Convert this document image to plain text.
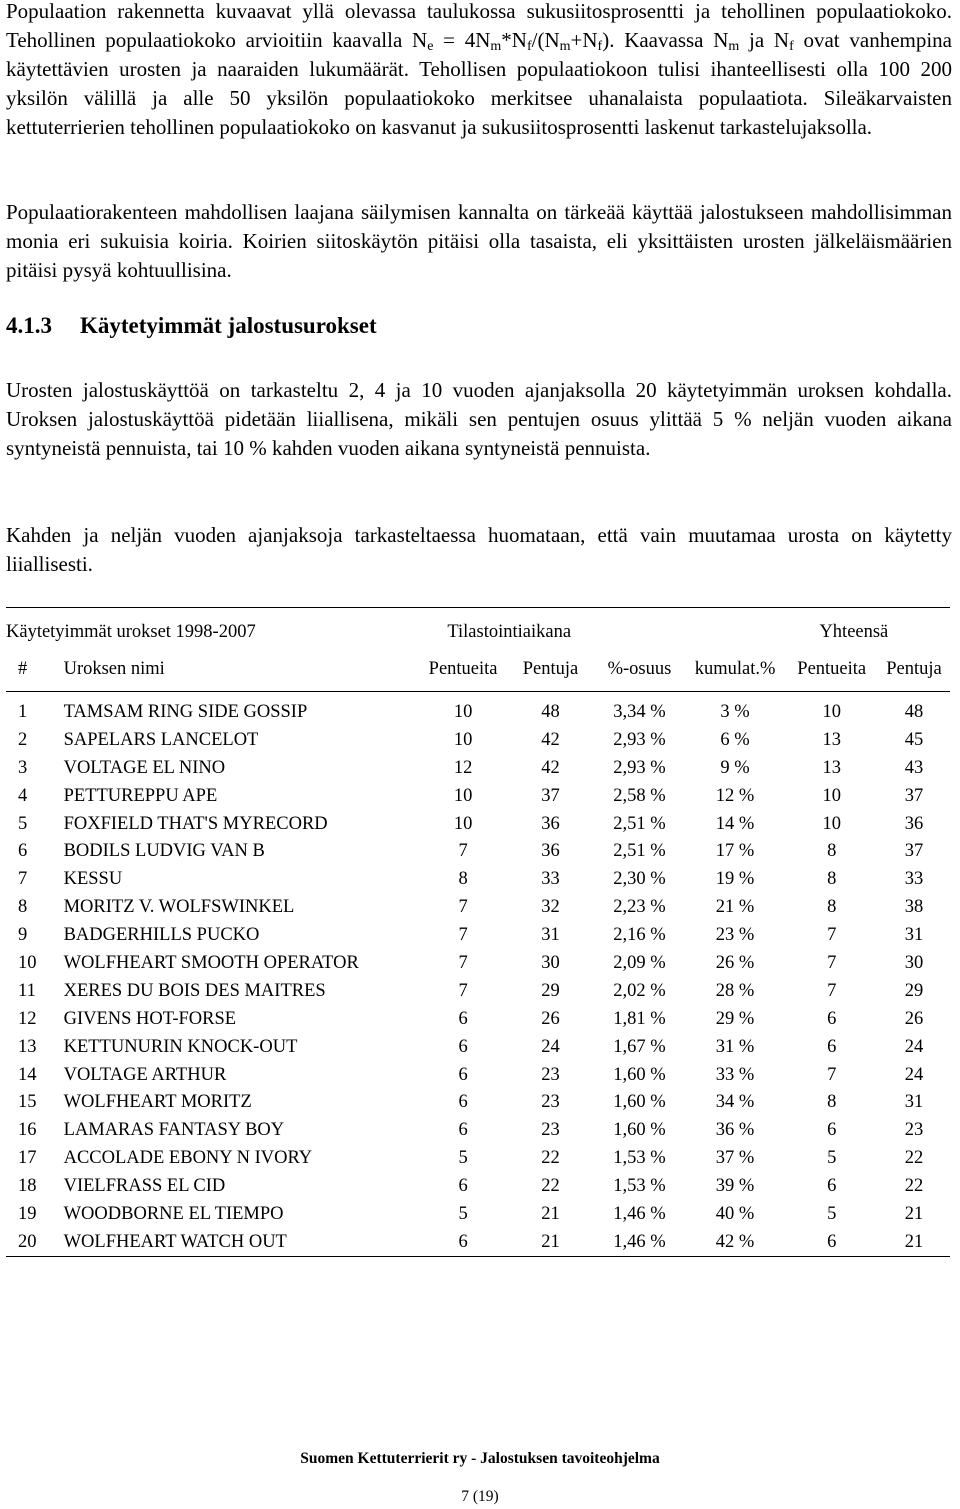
Populaation rakennetta kuvaavat yllä olevassa taulukossa sukusiitosprosentti ja tehollinen populaatiokoko. Tehollinen populaatiokoko arvioitiin kaavalla $N_e = 4N_m*N_f/(N_m+N_f)$. Kaavassa $N_m$ ja $N_f$ ovat vanhempina käytettävien urosten ja naaraiden lukumäärät. Tehollisen populaatiokoon tulisi ihanteellisesti olla 100 200 yksilön välillä ja alle 50 yksilön populaatiokoko merkitsee uhanalaista populaatiota. Sileäkarvaisten kettuterrierien tehollinen populaatiokoko on kasvanut ja sukusiitosprosentti laskenut tarkastelujaksolla.

Populaatiorakenteen mahdollisen laajana säilymisen kannalta on tärkeää käyttää jalostukseen mahdollisimman monia eri sukuisia koiria. Koirien siitoskäytön pitäisi olla tasaista, eli yksittäisten urosten jälkeläismäärien pitäisi pysyä kohtuullisina.

4.1.3 Käytetyimmät jalostusurokset

Urosten jalostuskäyttöä on tarkasteltu 2, 4 ja 10 vuoden ajanjaksolla 20 käytetyimmän uroksen kohdalla. Uroksen jalostuskäyttöä pidetään liiallisena, mikäli sen pentujen osuus ylittää 5 % neljän vuoden aikana syntyneistä pennuista, tai 10 % kahden vuoden aikana syntyneistä pennuista.

Kahden ja neljän vuoden ajanjaksoja tarkasteltaessa huomataan, että vain muutamaa urosta on käytetty liiallisesti.

Käytetyimmät urokset 1998-2007		Tilastointiaikana				Yhteensä	
#	Uroksen nimi	Pentueita	Pentuja	%-osuus	kumulat.%	Pentueita	Pentuja

1	TAMSAM RING SIDE GOSSIP	10	48	3,34 %	3 %	10	48
2	SAPELARS LANCELOT	10	42	2,93 %	6 %	13	45
3	VOLTAGE EL NINO	12	42	2,93 %	9 %	13	43
4	PETTUREPPU APE	10	37	2,58 %	12 %	10	37
5	FOXFIELD THAT'S MYRECORD	10	36	2,51 %	14 %	10	36
6	BODILS LUDVIG VAN B	7	36	2,51 %	17 %	8	37
7	KESSU	8	33	2,30 %	19 %	8	33
8	MORITZ V. WOLFSWINKEL	7	32	2,23 %	21 %	8	38
9	BADGERHILLS PUCKO	7	31	2,16 %	23 %	7	31
10	WOLFHEART SMOOTH OPERATOR	7	30	2,09 %	26 %	7	30
11	XERES DU BOIS DES MAITRES	7	29	2,02 %	28 %	7	29
12	GIVENS HOT-FORSE	6	26	1,81 %	29 %	6	26
13	KETTUNURIN KNOCK-OUT	6	24	1,67 %	31 %	6	24
14	VOLTAGE ARTHUR	6	23	1,60 %	33 %	7	24
15	WOLFHEART MORITZ	6	23	1,60 %	34 %	8	31
16	LAMARAS FANTASY BOY	6	23	1,60 %	36 %	6	23
17	ACCOLADE EBONY N IVORY	5	22	1,53 %	37 %	5	22
18	VIELFRASS EL CID	6	22	1,53 %	39 %	6	22
19	WOODBORNE EL TIEMPO	5	21	1,46 %	40 %	5	21
20	WOLFHEART WATCH OUT	6	21	1,46 %	42 %	6	21
Suomen Kettuterrierit ry - Jalostuksen tavoiteohjelma
7 (19)
